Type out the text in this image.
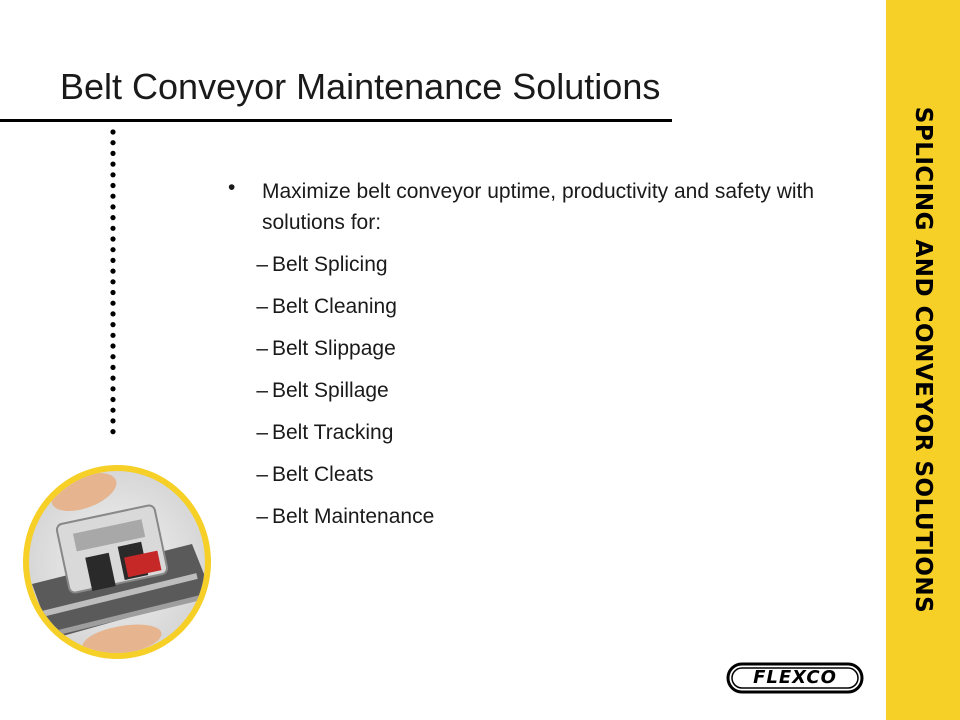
Belt Conveyor Maintenance Solutions
•	Maximize belt conveyor uptime, productivity and safety with solutions for:
– Belt Splicing
– Belt Cleaning
– Belt Slippage
– Belt Spillage
– Belt Tracking
– Belt Cleats
– Belt Maintenance	SPLICING AND CONVEYOR SOLUTIONS
FLEXCO
